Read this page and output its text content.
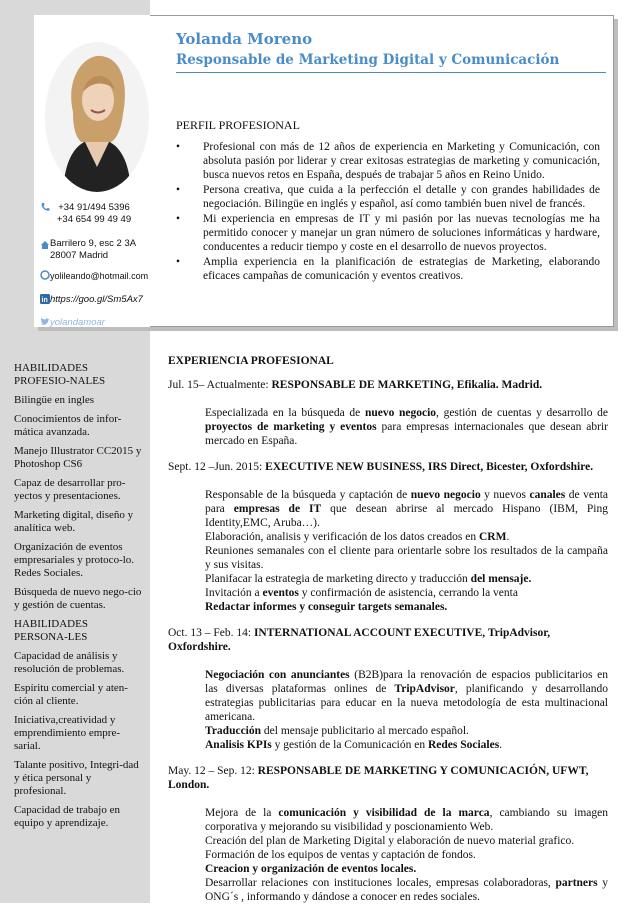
+34 91/494 5396
+34 654 99 49 49
Barrilero 9, esc 2 3A
28007 Madrid
yolileando@hotmail.com
in https://goo.gl/Sm5Ax7
yolandamoar
Yolanda Moreno
Responsable de Marketing Digital y Comunicación
PERFIL PROFESIONAL
• Profesional con más de 12 años de experiencia en Marketing y Comunicación, con absoluta pasión por liderar y crear exitosas estrategias de marketing y comunicación, busca nuevos retos en España, después de trabajar 5 años en Reino Unido.
• Persona creativa, que cuida a la perfección el detalle y con grandes habilidades de negociación. Bilingüe en inglés y español, así como también buen nivel de francés.
• Mi experiencia en empresas de IT y mi pasión por las nuevas tecnologías me ha permitido conocer y manejar un gran número de soluciones informáticas y hardware, conducentes a reducir tiempo y coste en el desarrollo de nuevos proyectos.
• Amplia experiencia en la planificación de estrategias de Marketing, elaborando eficaces campañas de comunicación y eventos creativos.
HABILIDADES PROFESIO-NALES
Bilingüe en ingles
Conocimientos de infor-mática avanzada.
Manejo Illustrator CC2015 y Photoshop CS6
Capaz de desarrollar pro-yectos y presentaciones.
Marketing digital, diseño y analítica web.
Organización de eventos empresariales y protoco-lo. Redes Sociales.
Búsqueda de nuevo nego-cio y gestión de cuentas.
HABILIDADES PERSONA-LES
Capacidad de análisis y resolución de problemas.
Espíritu comercial y aten-ción al cliente.
Iniciativa,creatividad y emprendimiento empre-sarial.
Talante positivo, Integri-dad y ética personal y profesional.
Capacidad de trabajo en equipo y aprendizaje.
EXPERIENCIA PROFESIONAL
Jul. 15– Actualmente: RESPONSABLE DE MARKETING, Efikalia. Madrid.

Especializada en la búsqueda de nuevo negocio, gestión de cuentas y desarrollo de proyectos de marketing y eventos para empresas internacionales que desean abrir mercado en España.

Sept. 12 –Jun. 2015: EXECUTIVE NEW BUSINESS, IRS Direct, Bicester, Oxfordshire.

Responsable de la búsqueda y captación de nuevo negocio y nuevos canales de venta para empresas de IT que desean abrirse al mercado Hispano (IBM, Ping Identity,EMC, Aruba…).

Elaboración, analisis y verificación de los datos creados en CRM.

Reuniones semanales con el cliente para orientarle sobre los resultados de la campaña y sus visitas.

Planifacar la estrategia de marketing directo y traducción del mensaje.

Invitación a eventos y confirmación de asistencia, cerrando la venta

Redactar informes y conseguir targets semanales.

Oct. 13 – Feb. 14: INTERNATIONAL ACCOUNT EXECUTIVE, TripAdvisor, Oxfordshire.

Negociación con anunciantes (B2B)para la renovación de espacios publicitarios en las diversas plataformas onlines de TripAdvisor, planificando y desarrollando estrategias publicitarias para educar en la nueva metodología de esta multinacional americana.

Traducción del mensaje publicitario al mercado español.

Analisis KPIs y gestión de la Comunicación en Redes Sociales.

May. 12 – Sep. 12: RESPONSABLE DE MARKETING Y COMUNICACIÓN, UFWT, London.

Mejora de la comunicación y visibilidad de la marca, cambiando su imagen corporativa y mejorando su visibilidad y poscionamiento Web.

Creación del plan de Marketing Digital y elaboración de nuevo material grafico.

Formación de los equipos de ventas y captación de fondos.

Creacion y organización de eventos locales.

Desarrollar relaciones con instituciones locales, empresas colaboradoras, partners y ONG´s , informando y dándose a conocer en redes sociales.
